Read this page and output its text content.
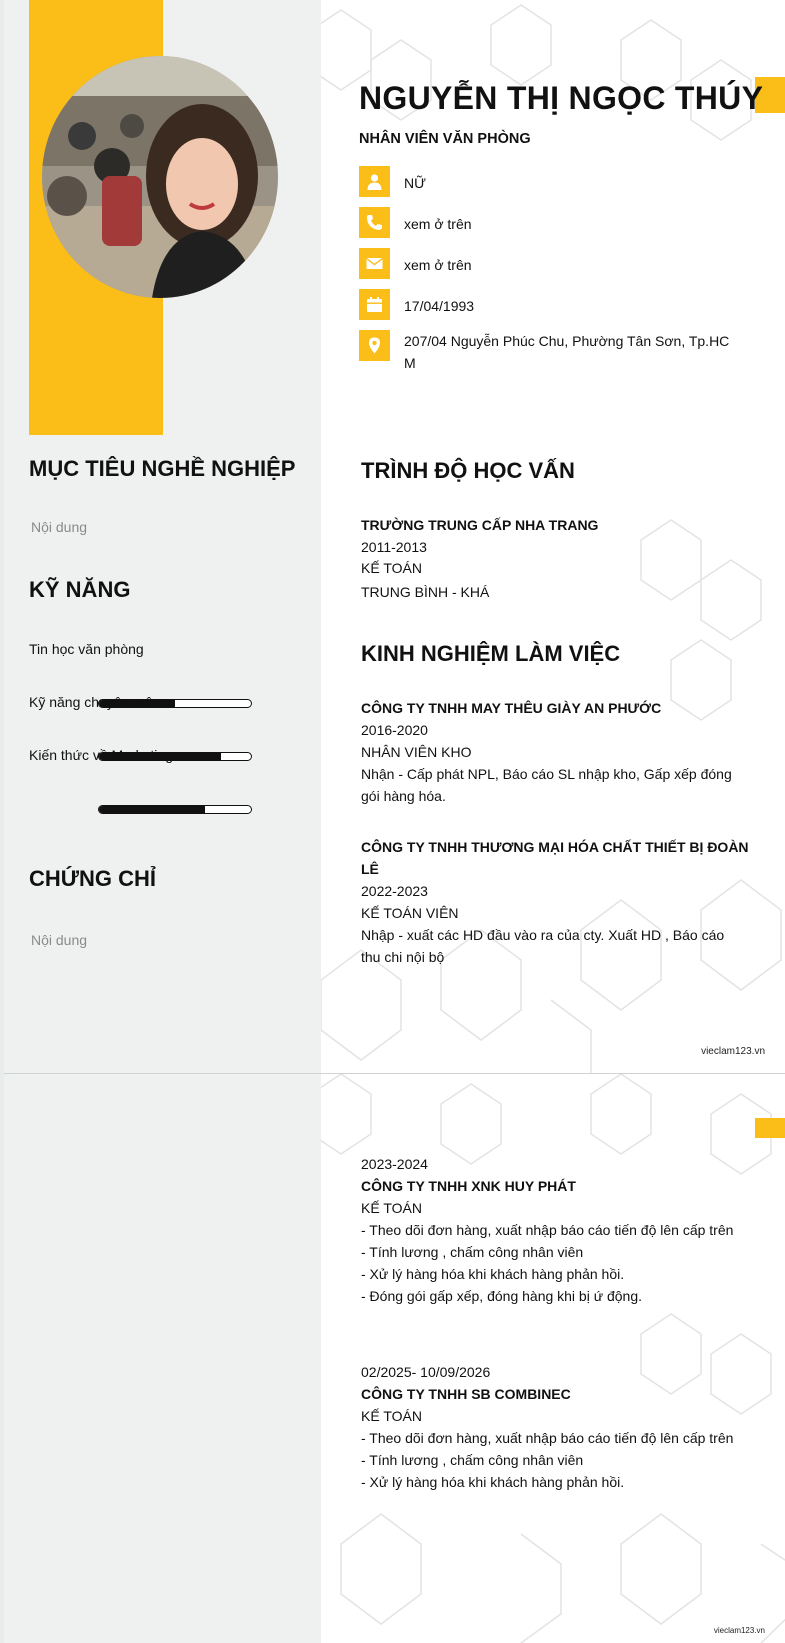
MỤC TIÊU NGHỀ NGHIỆP
Nội dung
KỸ NĂNG
Tin học văn phòng
Kỹ năng chuyên môn
Kiến thức về Marketing
CHỨNG CHỈ
Nội dung
NGUYỄN THỊ NGỌC THÚY
NHÂN VIÊN VĂN PHÒNG
NỮ
xem ở trên
xem ở trên
17/04/1993
207/04 Nguyễn Phúc Chu, Phường Tân Sơn, Tp.HC
M
TRÌNH ĐỘ HỌC VẤN
TRƯỜNG TRUNG CẤP NHA TRANG
2011-2013
KẾ TOÁN
TRUNG BÌNH - KHÁ
KINH NGHIỆM LÀM VIỆC
CÔNG TY TNHH MAY THÊU GIÀY AN PHƯỚC
2016-2020
NHÂN VIÊN KHO
Nhận - Cấp phát NPL, Báo cáo SL nhập kho, Gấp xếp đóng
gói hàng hóa.
CÔNG TY TNHH THƯƠNG MẠI HÓA CHẤT THIẾT BỊ ĐOÀN
LÊ
2022-2023
KẾ TOÁN VIÊN
Nhập - xuất các HD đầu vào ra của cty. Xuất HD , Báo cáo
thu chi nội bộ
vieclam123.vn
2023-2024
CÔNG TY TNHH XNK HUY PHÁT
KẾ TOÁN
- Theo dõi đơn hàng, xuất nhập báo cáo tiến độ lên cấp trên
- Tính lương , chấm công nhân viên
- Xử lý hàng hóa khi khách hàng phản hồi.
- Đóng gói gấp xếp, đóng hàng khi bị ứ động.
02/2025- 10/09/2026
CÔNG TY TNHH SB COMBINEC
KẾ TOÁN
- Theo dõi đơn hàng, xuất nhập báo cáo tiến độ lên cấp trên
- Tính lương , chấm công nhân viên
- Xử lý hàng hóa khi khách hàng phản hồi.
vieclam123.vn
